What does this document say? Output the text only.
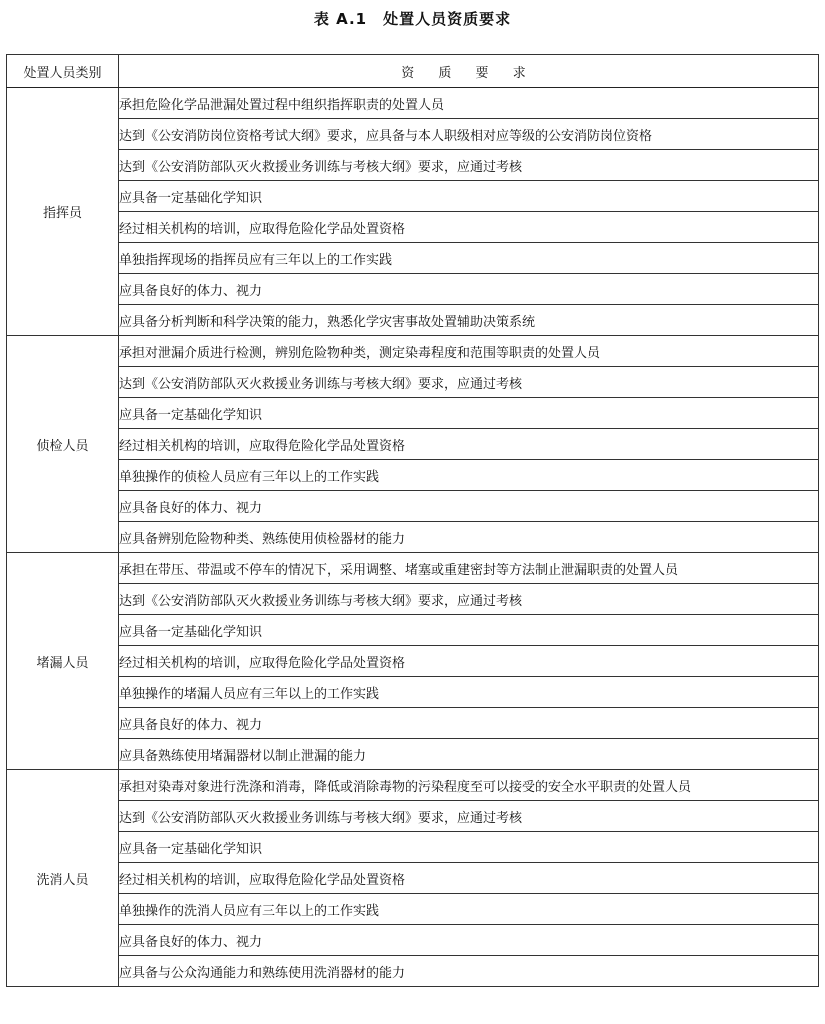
表 A.1　处置人员资质要求
处置人员类别	资 质 要 求
指挥员	承担危险化学品泄漏处置过程中组织指挥职责的处置人员
	达到《公安消防岗位资格考试大纲》要求，应具备与本人职级相对应等级的公安消防岗位资格
	达到《公安消防部队灭火救援业务训练与考核大纲》要求，应通过考核
	应具备一定基础化学知识
	经过相关机构的培训，应取得危险化学品处置资格
	单独指挥现场的指挥员应有三年以上的工作实践
	应具备良好的体力、视力
	应具备分析判断和科学决策的能力，熟悉化学灾害事故处置辅助决策系统
侦检人员	承担对泄漏介质进行检测，辨别危险物种类，测定染毒程度和范围等职责的处置人员
	达到《公安消防部队灭火救援业务训练与考核大纲》要求，应通过考核
	应具备一定基础化学知识
	经过相关机构的培训，应取得危险化学品处置资格
	单独操作的侦检人员应有三年以上的工作实践
	应具备良好的体力、视力
	应具备辨别危险物种类、熟练使用侦检器材的能力
堵漏人员	承担在带压、带温或不停车的情况下，采用调整、堵塞或重建密封等方法制止泄漏职责的处置人员
	达到《公安消防部队灭火救援业务训练与考核大纲》要求，应通过考核
	应具备一定基础化学知识
	经过相关机构的培训，应取得危险化学品处置资格
	单独操作的堵漏人员应有三年以上的工作实践
	应具备良好的体力、视力
	应具备熟练使用堵漏器材以制止泄漏的能力
洗消人员	承担对染毒对象进行洗涤和消毒，降低或消除毒物的污染程度至可以接受的安全水平职责的处置人员
	达到《公安消防部队灭火救援业务训练与考核大纲》要求，应通过考核
	应具备一定基础化学知识
	经过相关机构的培训，应取得危险化学品处置资格
	单独操作的洗消人员应有三年以上的工作实践
	应具备良好的体力、视力
	应具备与公众沟通能力和熟练使用洗消器材的能力
